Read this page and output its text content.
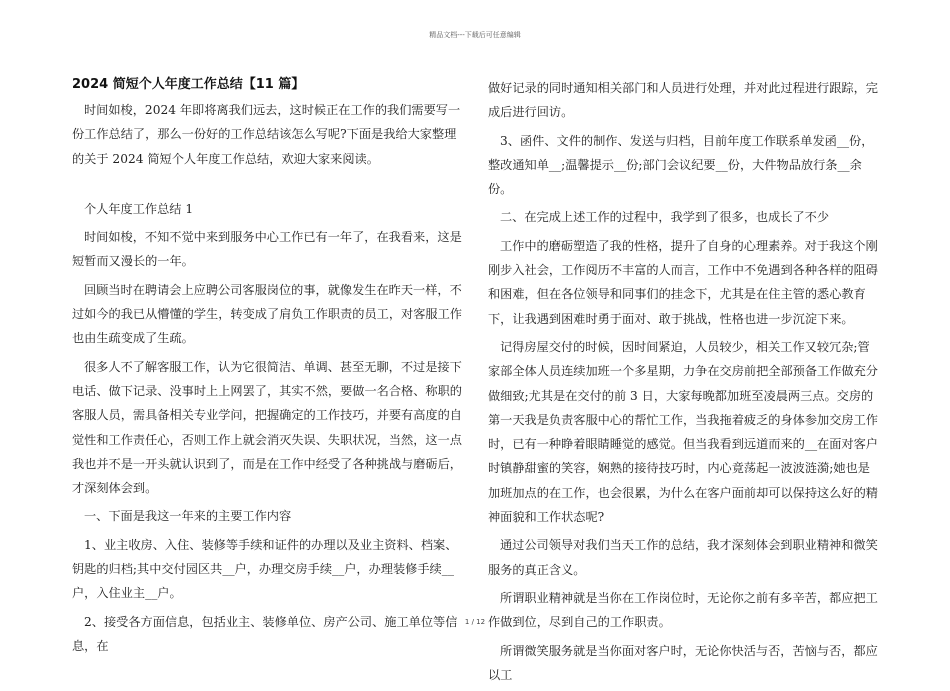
精品文档---下载后可任意编辑
2024 简短个人年度工作总结【11 篇】

时间如梭，2024 年即将离我们远去，这时候正在工作的我们需要写一份工作总结了，那么一份好的工作总结该怎么写呢?下面是我给大家整理的关于 2024 简短个人年度工作总结，欢迎大家来阅读。

个人年度工作总结 1

时间如梭，不知不觉中来到服务中心工作已有一年了，在我看来，这是短暂而又漫长的一年。

回顾当时在聘请会上应聘公司客服岗位的事，就像发生在昨天一样，不过如今的我已从懵懂的学生，转变成了肩负工作职责的员工，对客服工作也由生疏变成了生疏。

很多人不了解客服工作，认为它很简洁、单调、甚至无聊，不过是接下电话、做下记录、没事时上上网罢了，其实不然，要做一名合格、称职的客服人员，需具备相关专业学问，把握确定的工作技巧，并要有高度的自觉性和工作责任心，否则工作上就会消灭失误、失职状况，当然，这一点我也并不是一开头就认识到了，而是在工作中经受了各种挑战与磨砺后，才深刻体会到。

一、下面是我这一年来的主要工作内容

1、业主收房、入住、装修等手续和证件的办理以及业主资料、档案、钥匙的归档;其中交付园区共__户，办理交房手续__户，办理装修手续__户，入住业主__户。

2、接受各方面信息，包括业主、装修单位、房产公司、施工单位等信息，在

做好记录的同时通知相关部门和人员进行处理，并对此过程进行跟踪，完成后进行回访。

3、函件、文件的制作、发送与归档，目前年度工作联系单发函__份，整改通知单__;温馨提示__份;部门会议纪要__份，大件物品放行条__余份。

二、在完成上述工作的过程中，我学到了很多，也成长了不少

工作中的磨砺塑造了我的性格，提升了自身的心理素养。对于我这个刚刚步入社会，工作阅历不丰富的人而言，工作中不免遇到各种各样的阻碍和困难，但在各位领导和同事们的挂念下，尤其是在住主管的悉心教育下，让我遇到困难时勇于面对、敢于挑战，性格也进一步沉淀下来。

记得房屋交付的时候，因时间紧迫，人员较少，相关工作又较冗杂;管家部全体人员连续加班一个多星期，力争在交房前把全部预备工作做充分做细致;尤其是在交付的前 3 日，大家每晚都加班至凌晨两三点。交房的第一天我是负责客服中心的帮忙工作，当我拖着疲乏的身体参加交房工作时，已有一种睁着眼睛睡觉的感觉。但当我看到远道而来的__在面对客户时镇静甜蜜的笑容，娴熟的接待技巧时，内心竟荡起一波波涟漪;她也是加班加点的在工作，也会很累，为什么在客户面前却可以保持这么好的精神面貌和工作状态呢?

通过公司领导对我们当天工作的总结，我才深刻体会到职业精神和微笑服务的真正含义。

所谓职业精神就是当你在工作岗位时，无论你之前有多辛苦，都应把工作做到位，尽到自己的工作职责。

所谓微笑服务就是当你面对客户时，无论你快活与否，苦恼与否，都应以工

1 / 12
